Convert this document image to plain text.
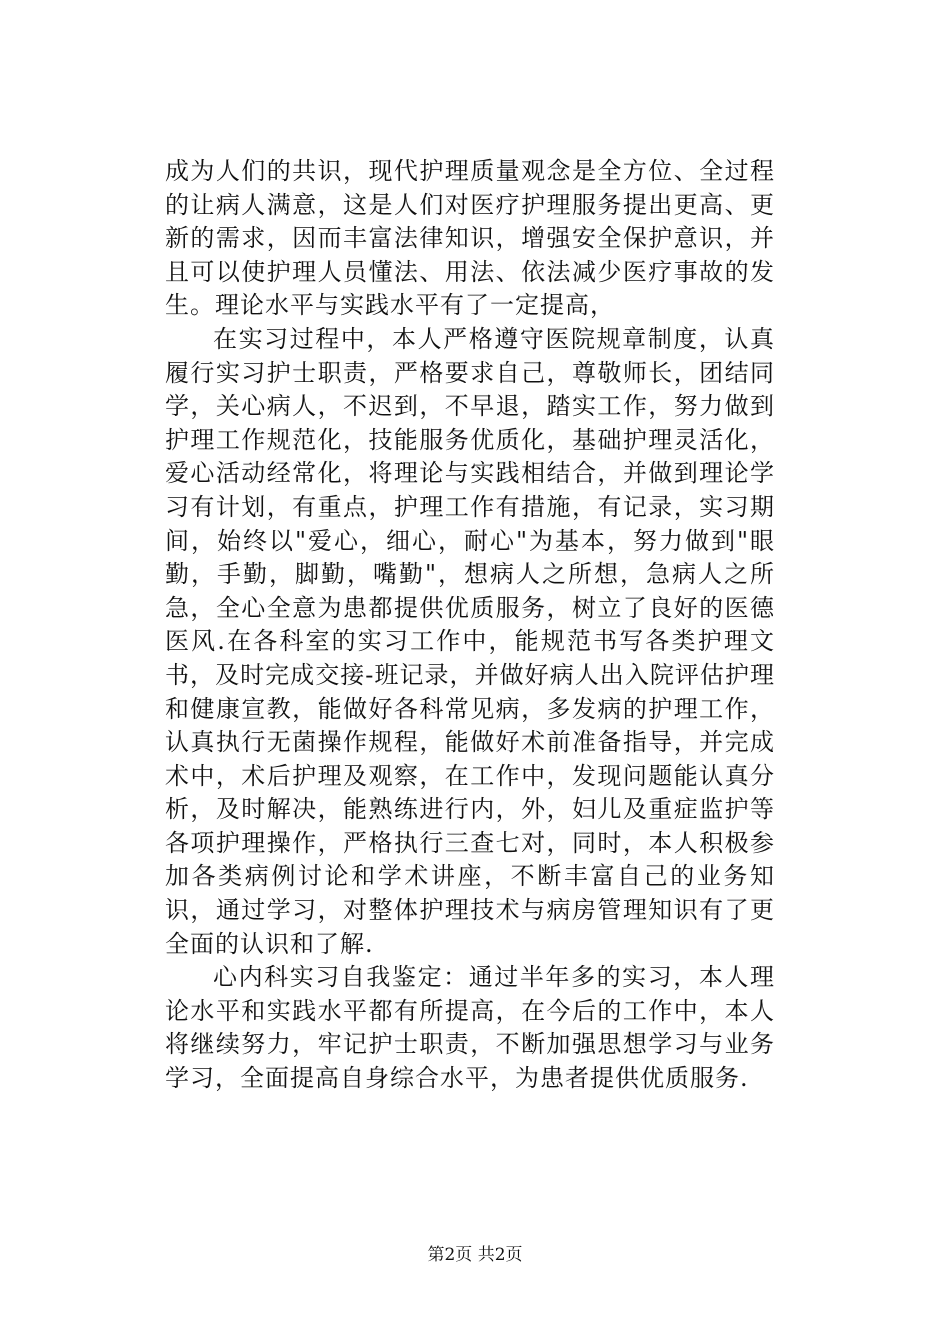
成为人们的共识，现代护理质量观念是全方位、全过程的让病人满意，这是人们对医疗护理服务提出更高、更新的需求，因而丰富法律知识，增强安全保护意识，并且可以使护理人员懂法、用法、依法减少医疗事故的发生。理论水平与实践水平有了一定提高，

在实习过程中，本人严格遵守医院规章制度，认真履行实习护士职责，严格要求自己，尊敬师长，团结同学，关心病人，不迟到，不早退，踏实工作，努力做到护理工作规范化，技能服务优质化，基础护理灵活化，爱心活动经常化，将理论与实践相结合，并做到理论学习有计划，有重点，护理工作有措施，有记录，实习期间，始终以"爱心，细心，耐心"为基本，努力做到"眼勤，手勤，脚勤，嘴勤"，想病人之所想，急病人之所急，全心全意为患都提供优质服务，树立了良好的医德医风.在各科室的实习工作中，能规范书写各类护理文书，及时完成交接-班记录，并做好病人出入院评估护理和健康宣教，能做好各科常见病，多发病的护理工作，认真执行无菌操作规程，能做好术前准备指导，并完成术中，术后护理及观察，在工作中，发现问题能认真分析，及时解决，能熟练进行内，外，妇儿及重症监护等各项护理操作，严格执行三查七对，同时，本人积极参加各类病例讨论和学术讲座，不断丰富自己的业务知识，通过学习，对整体护理技术与病房管理知识有了更全面的认识和了解.

心内科实习自我鉴定：通过半年多的实习，本人理论水平和实践水平都有所提高，在今后的工作中，本人将继续努力，牢记护士职责，不断加强思想学习与业务学习，全面提高自身综合水平，为患者提供优质服务.

第2页 共2页
